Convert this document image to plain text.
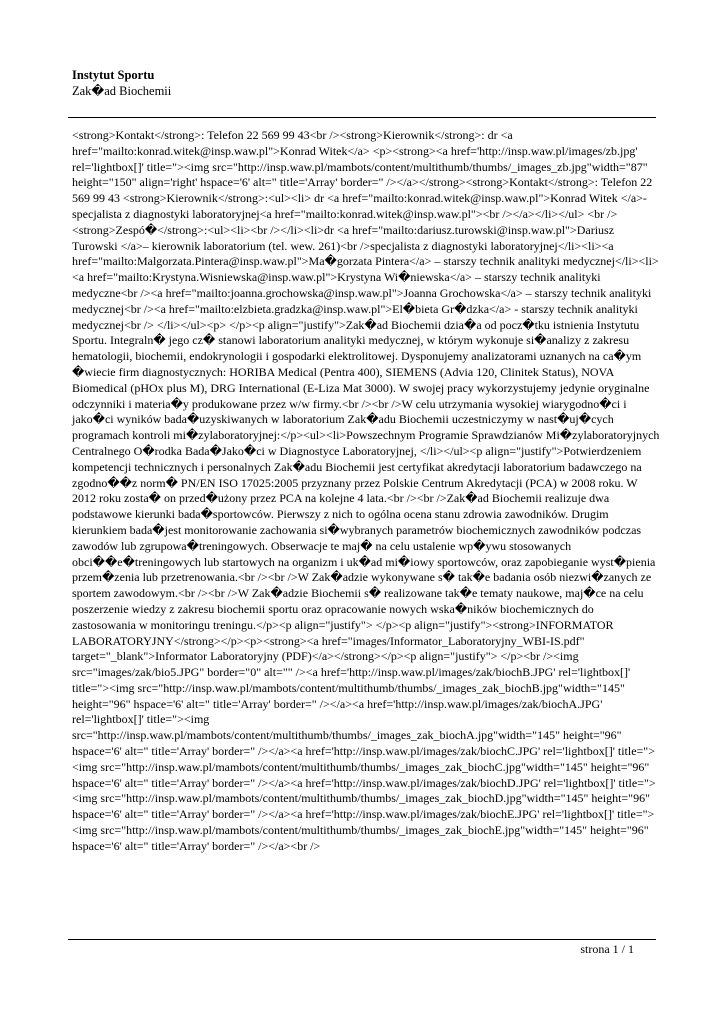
Instytut Sportu

Zak�ad Biochemii

<strong>Kontakt</strong>: Telefon 22 569 99 43<br /><strong>Kierownik</strong>: dr <a href="mailto:konrad.witek@insp.waw.pl">Konrad Witek</a> <p><strong><a href='http://insp.waw.pl/images/zb.jpg' rel='lightbox[]' title="><img src="http://insp.waw.pl/mambots/content/multithumb/thumbs/_images_zb.jpg"width="87" height="150" align='right' hspace='6' alt=" title='Array' border=" /></a></strong><strong>Kontakt</strong>: Telefon 22 569 99 43 <strong>Kierownik</strong>:<ul><li> dr <a href="mailto:konrad.witek@insp.waw.pl">Konrad Witek </a>- specjalista z diagnostyki laboratoryjnej<a href="mailto:konrad.witek@insp.waw.pl"><br /></a></li></ul> <br /><strong>Zespó�</strong>:<ul><li><br /></li><li>dr <a href="mailto:dariusz.turowski@insp.waw.pl">Dariusz Turowski </a>– kierownik laboratorium (tel. wew. 261)<br />specjalista z diagnostyki laboratoryjnej</li><li><a href="mailto:Malgorzata.Pintera@insp.waw.pl">Ma�gorzata Pintera</a> – starszy technik analityki medycznej</li><li><a href="mailto:Krystyna.Wisniewska@insp.waw.pl">Krystyna Wi�niewska</a> – starszy technik analityki medyczne<br /><a href="mailto:joanna.grochowska@insp.waw.pl">Joanna Grochowska</a> – starszy technik analityki medycznej<br /><a href="mailto:elzbieta.gradzka@insp.waw.pl">El�bieta Gr�dzka</a> - starszy technik analityki medycznej<br /> </li></ul><p> </p><p align="justify">Zak�ad Biochemii dzia�a od pocz�tku istnienia Instytutu Sportu. Integraln� jego cz� stanowi laboratorium analityki medycznej, w którym wykonuje si�analizy z zakresu hematologii, biochemii, endokrynologii i gospodarki elektrolitowej. Dysponujemy analizatorami uznanych na ca�ym �wiecie firm diagnostycznych: HORIBA Medical (Pentra 400), SIEMENS (Advia 120, Clinitek Status), NOVA Biomedical (pHOx plus M), DRG International (E-Liza Mat 3000). W swojej pracy wykorzystujemy jedynie oryginalne odczynniki i materia�y produkowane przez w/w firmy.<br /><br />W celu utrzymania wysokiej wiarygodno�ci i jako�ci wyników bada�uzyskiwanych w laboratorium Zak�adu Biochemii uczestniczymy w nast�uj�cych programach kontroli mi�zylaboratoryjnej:</p><ul><li>Powszechnym Programie Sprawdzianów Mi�zylaboratoryjnych Centralnego O�rodka Bada�Jako�ci w Diagnostyce Laboratoryjnej, </li></ul><p align="justify">Potwierdzeniem kompetencji technicznych i personalnych Zak�adu Biochemii jest certyfikat akredytacji laboratorium badawczego na zgodno��z norm� PN/EN ISO 17025:2005 przyznany przez Polskie Centrum Akredytacji (PCA) w 2008 roku. W 2012 roku zosta� on przed�użony przez PCA na kolejne 4 lata.<br /><br />Zak�ad Biochemii realizuje dwa podstawowe kierunki bada�sportowców. Pierwszy z nich to ogólna ocena stanu zdrowia zawodników. Drugim kierunkiem bada�jest monitorowanie zachowania si�wybranych parametrów biochemicznych zawodników podczas zawodów lub zgrupowa�treningowych. Obserwacje te maj� na celu ustalenie wp�ywu stosowanych obci��e�treningowych lub startowych na organizm i uk�ad mi�iowy sportowców, oraz zapobieganie wyst�pienia przem�zenia lub przetrenowania.<br /><br />W Zak�adzie wykonywane s� tak�e badania osób niezwi�zanych ze sportem zawodowym.<br /><br />W Zak�adzie Biochemii s� realizowane tak�e tematy naukowe, maj�ce na celu poszerzenie wiedzy z zakresu biochemii sportu oraz opracowanie nowych wska�ników biochemicznych do zastosowania w monitoringu treningu.</p><p align="justify"> </p><p align="justify"><strong>INFORMATOR LABORATORYJNY</strong></p><p><strong><a href="images/Informator_Laboratoryjny_WBI-IS.pdf" target="_blank">Informator Laboratoryjny (PDF)</a></strong></p><p align="justify"> </p><br /><img src="images/zak/bio5.JPG" border="0" alt="" /><a href='http://insp.waw.pl/images/zak/biochB.JPG' rel='lightbox[]' title="><img src="http://insp.waw.pl/mambots/content/multithumb/thumbs/_images_zak_biochB.jpg"width="145" height="96" hspace='6' alt=" title='Array' border=" /></a><a href='http://insp.waw.pl/images/zak/biochA.JPG' rel='lightbox[]' title="><img src="http://insp.waw.pl/mambots/content/multithumb/thumbs/_images_zak_biochA.jpg"width="145" height="96" hspace='6' alt=" title='Array' border=" /></a><a href='http://insp.waw.pl/images/zak/biochC.JPG' rel='lightbox[]' title="><img src="http://insp.waw.pl/mambots/content/multithumb/thumbs/_images_zak_biochC.jpg"width="145" height="96" hspace='6' alt=" title='Array' border=" /></a><a href='http://insp.waw.pl/images/zak/biochD.JPG' rel='lightbox[]' title="><img src="http://insp.waw.pl/mambots/content/multithumb/thumbs/_images_zak_biochD.jpg"width="145" height="96" hspace='6' alt=" title='Array' border=" /></a><a href='http://insp.waw.pl/images/zak/biochE.JPG' rel='lightbox[]' title="><img src="http://insp.waw.pl/mambots/content/multithumb/thumbs/_images_zak_biochE.jpg"width="145" height="96" hspace='6' alt=" title='Array' border=" /></a><br />
strona 1 / 1
